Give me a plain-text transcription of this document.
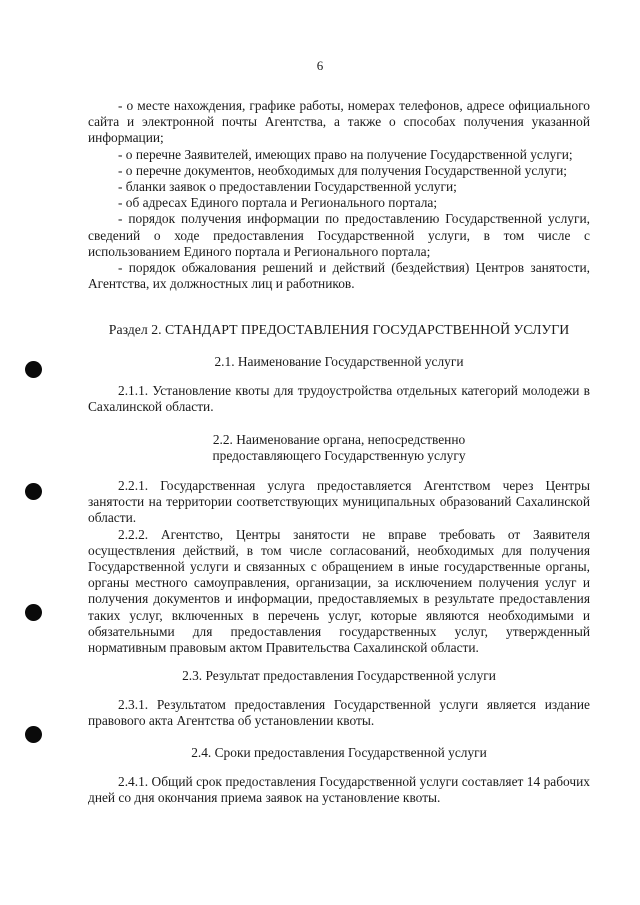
6

- о месте нахождения, графике работы, номерах телефонов, адресе официального сайта и электронной почты Агентства, а также о способах получения указанной информации;

- о перечне Заявителей, имеющих право на получение Государственной услуги;

- о перечне документов, необходимых для получения Государственной услуги;

- бланки заявок о предоставлении Государственной услуги;

- об адресах Единого портала и Регионального портала;

- порядок получения информации по предоставлению Государственной услуги, сведений о ходе предоставления Государственной услуги, в том числе с использованием Единого портала и Регионального портала;

- порядок обжалования решений и действий (бездействия) Центров занятости, Агентства, их должностных лиц и работников.

Раздел 2. СТАНДАРТ ПРЕДОСТАВЛЕНИЯ ГОСУДАРСТВЕННОЙ УСЛУГИ
2.1. Наименование Государственной услуги

2.1.1. Установление квоты для трудоустройства отдельных категорий молодежи в Сахалинской области.

2.2. Наименование органа, непосредственно
предоставляющего Государственную услугу

2.2.1. Государственная услуга предоставляется Агентством через Центры занятости на территории соответствующих муниципальных образований Сахалинской области.

2.2.2. Агентство, Центры занятости не вправе требовать от Заявителя осуществления действий, в том числе согласований, необходимых для получения Государственной услуги и связанных с обращением в иные государственные органы, органы местного самоуправления, организации, за исключением получения услуг и получения документов и информации, предоставляемых в результате предоставления таких услуг, включенных в перечень услуг, которые являются необходимыми и обязательными для предоставления государственных услуг, утвержденный нормативным правовым актом Правительства Сахалинской области.

2.3. Результат предоставления Государственной услуги

2.3.1. Результатом предоставления Государственной услуги является издание правового акта Агентства об установлении квоты.

2.4. Сроки предоставления Государственной услуги

2.4.1. Общий срок предоставления Государственной услуги составляет 14 рабочих дней со дня окончания приема заявок на установление квоты.
